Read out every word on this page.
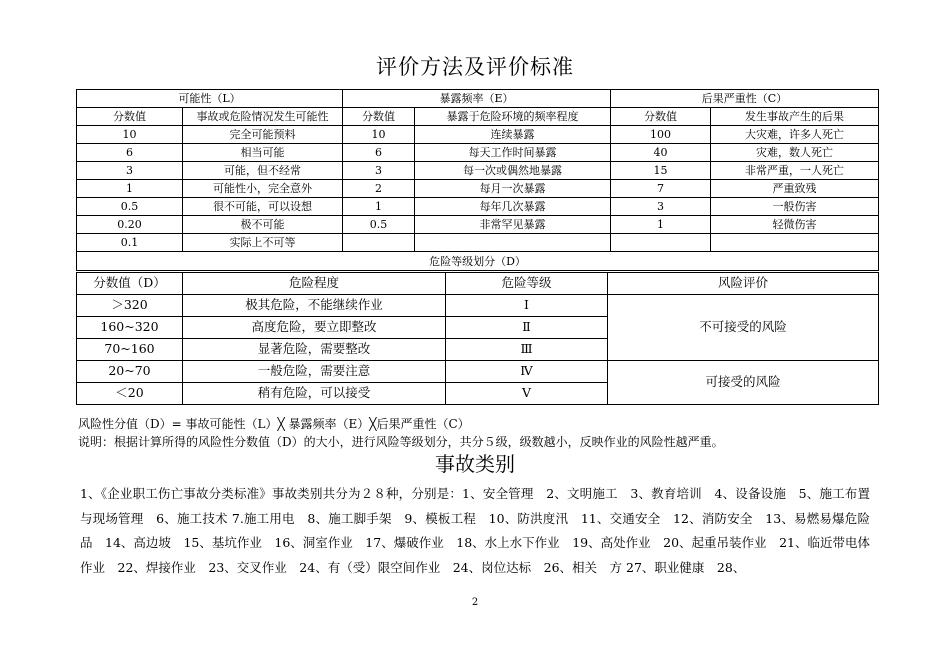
评价方法及评价标准
可能性（L）		暴露频率（E）		后果严重性（C）	
分数值	事故或危险情况发生可能性	分数值	暴露于危险环境的频率程度	分数值	发生事故产生的后果
10	完全可能预料	10	连续暴露	100	大灾难，许多人死亡
6	相当可能	6	每天工作时间暴露	40	灾难，数人死亡
3	可能，但不经常	3	每一次或偶然地暴露	15	非常严重，一人死亡
1	可能性小，完全意外	2	每月一次暴露	7	严重致残
0.5	很不可能，可以设想	1	每年几次暴露	3	一般伤害
0.20	极不可能	0.5	非常罕见暴露	1	轻微伤害
0.1	实际上不可等				
危险等级划分（D）					
分数值（D）	危险程度	危险等级	风险评价
＞320	极其危险，不能继续作业	Ⅰ	不可接受的风险
160~320	高度危险，要立即整改	Ⅱ	
70~160	显著危险，需要整改	Ⅲ	
20~70	一般危险，需要注意	Ⅳ	可接受的风险
＜20	稍有危险，可以接受	Ⅴ	
风险性分值（D）= 事故可能性（L）╳ 暴露频率（E）╳后果严重性（C）
说明：根据计算所得的风险性分数值（D）的大小，进行风险等级划分，共分５级，级数越小，反映作业的风险性越严重。
事故类别
1、《企业职工伤亡事故分类标准》事故类别共分为２８种，分别是：1、安全管理　2、文明施工　3、教育培训　4、设备设施　5、施工布置与现场管理　6、施工技术 7.施工用电　8、施工脚手架　9、模板工程　10、防洪度汛　11、交通安全　12、消防安全　13、易燃易爆危险品　14、高边坡　15、基坑作业　16、洞室作业　17、爆破作业　18、水上水下作业　19、高处作业　20、起重吊装作业　21、临近带电体作业　22、焊接作业　23、交叉作业　24、有（受）限空间作业　24、岗位达标　26、相关　方 27、职业健康　28、
2
